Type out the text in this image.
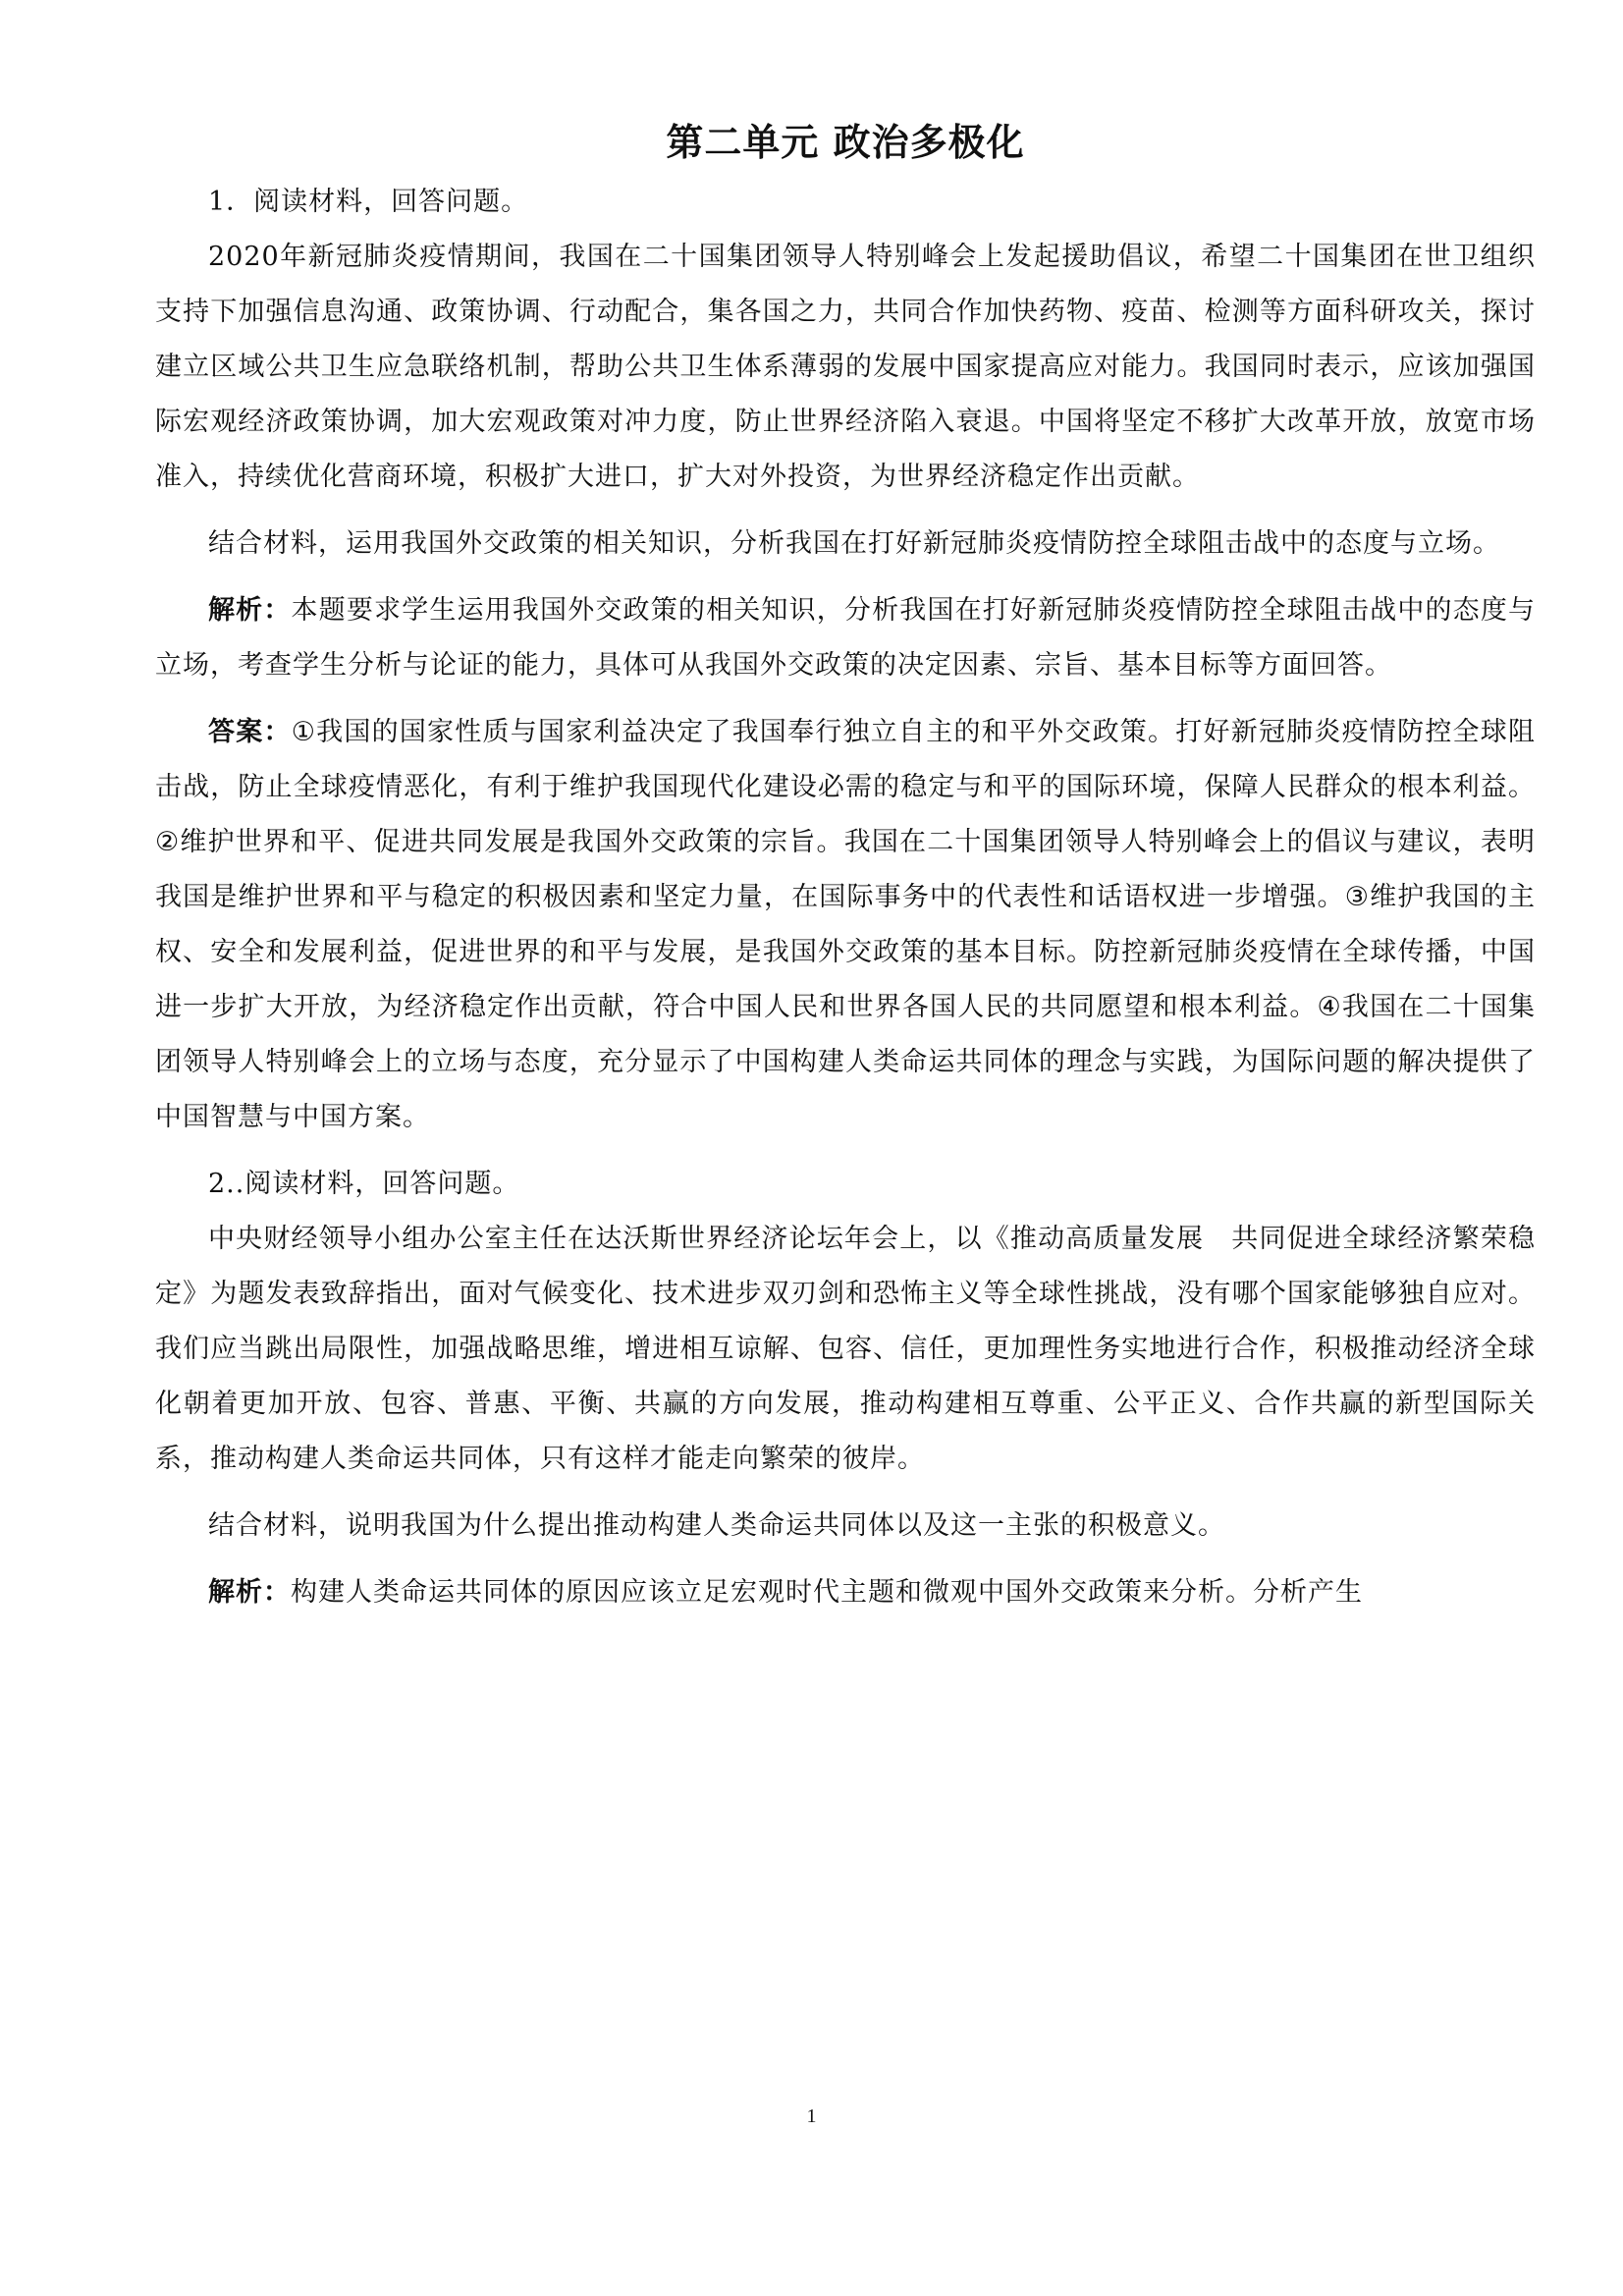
第二单元 政治多极化

1．阅读材料，回答问题。

2020年新冠肺炎疫情期间，我国在二十国集团领导人特别峰会上发起援助倡议，希望二十国集团在世卫组织支持下加强信息沟通、政策协调、行动配合，集各国之力，共同合作加快药物、疫苗、检测等方面科研攻关，探讨建立区域公共卫生应急联络机制，帮助公共卫生体系薄弱的发展中国家提高应对能力。我国同时表示，应该加强国际宏观经济政策协调，加大宏观政策对冲力度，防止世界经济陷入衰退。中国将坚定不移扩大改革开放，放宽市场准入，持续优化营商环境，积极扩大进口，扩大对外投资，为世界经济稳定作出贡献。

结合材料，运用我国外交政策的相关知识，分析我国在打好新冠肺炎疫情防控全球阻击战中的态度与立场。

解析：本题要求学生运用我国外交政策的相关知识，分析我国在打好新冠肺炎疫情防控全球阻击战中的态度与立场，考查学生分析与论证的能力，具体可从我国外交政策的决定因素、宗旨、基本目标等方面回答。

答案：①我国的国家性质与国家利益决定了我国奉行独立自主的和平外交政策。打好新冠肺炎疫情防控全球阻击战，防止全球疫情恶化，有利于维护我国现代化建设必需的稳定与和平的国际环境，保障人民群众的根本利益。②维护世界和平、促进共同发展是我国外交政策的宗旨。我国在二十国集团领导人特别峰会上的倡议与建议，表明我国是维护世界和平与稳定的积极因素和坚定力量，在国际事务中的代表性和话语权进一步增强。③维护我国的主权、安全和发展利益，促进世界的和平与发展，是我国外交政策的基本目标。防控新冠肺炎疫情在全球传播，中国进一步扩大开放，为经济稳定作出贡献，符合中国人民和世界各国人民的共同愿望和根本利益。④我国在二十国集团领导人特别峰会上的立场与态度，充分显示了中国构建人类命运共同体的理念与实践，为国际问题的解决提供了中国智慧与中国方案。

2..阅读材料，回答问题。

中央财经领导小组办公室主任在达沃斯世界经济论坛年会上，以《推动高质量发展　共同促进全球经济繁荣稳定》为题发表致辞指出，面对气候变化、技术进步双刃剑和恐怖主义等全球性挑战，没有哪个国家能够独自应对。我们应当跳出局限性，加强战略思维，增进相互谅解、包容、信任，更加理性务实地进行合作，积极推动经济全球化朝着更加开放、包容、普惠、平衡、共赢的方向发展，推动构建相互尊重、公平正义、合作共赢的新型国际关系，推动构建人类命运共同体，只有这样才能走向繁荣的彼岸。

结合材料，说明我国为什么提出推动构建人类命运共同体以及这一主张的积极意义。

解析：构建人类命运共同体的原因应该立足宏观时代主题和微观中国外交政策来分析。分析产生

1
